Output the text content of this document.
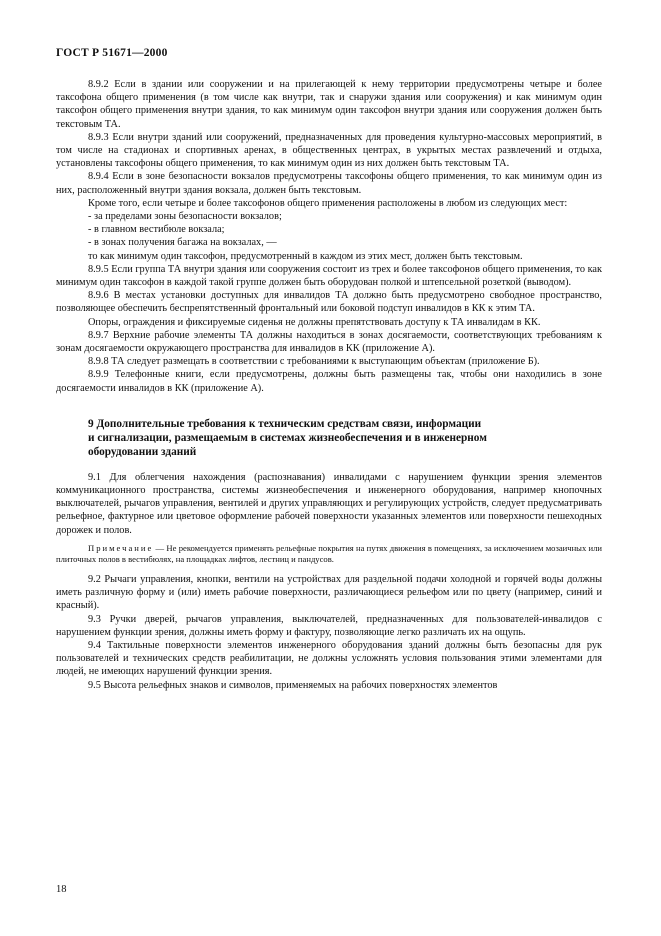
ГОСТ Р 51671—2000

8.9.2 Если в здании или сооружении и на прилегающей к нему территории предусмотрены четыре и более таксофона общего применения (в том числе как внутри, так и снаружи здания или сооружения) и как минимум один таксофон общего применения внутри здания, то как минимум один таксофон внутри здания или сооружения должен быть текстовым ТА.

8.9.3 Если внутри зданий или сооружений, предназначенных для проведения культурно-массовых мероприятий, в том числе на стадионах и спортивных аренах, в общественных центрах, в укрытых местах развлечений и отдыха, установлены таксофоны общего применения, то как минимум один из них должен быть текстовым ТА.

8.9.4 Если в зоне безопасности вокзалов предусмотрены таксофоны общего применения, то как минимум один из них, расположенный внутри здания вокзала, должен быть текстовым.

Кроме того, если четыре и более таксофонов общего применения расположены в любом из следующих мест:

- за пределами зоны безопасности вокзалов;

- в главном вестибюле вокзала;

- в зонах получения багажа на вокзалах, —

то как минимум один таксофон, предусмотренный в каждом из этих мест, должен быть текстовым.

8.9.5 Если группа ТА внутри здания или сооружения состоит из трех и более таксофонов общего применения, то как минимум один таксофон в каждой такой группе должен быть оборудован полкой и штепсельной розеткой (выводом).

8.9.6 В местах установки доступных для инвалидов ТА должно быть предусмотрено свободное пространство, позволяющее обеспечить беспрепятственный фронтальный или боковой подступ инвалидов в КК к этим ТА.

Опоры, ограждения и фиксируемые сиденья не должны препятствовать доступу к ТА инвалидам в КК.

8.9.7 Верхние рабочие элементы ТА должны находиться в зонах досягаемости, соответствующих требованиям к зонам досягаемости окружающего пространства для инвалидов в КК (приложение А).

8.9.8 ТА следует размещать в соответствии с требованиями к выступающим объектам (приложение Б).

8.9.9 Телефонные книги, если предусмотрены, должны быть размещены так, чтобы они находились в зоне досягаемости инвалидов в КК (приложение А).

9 Дополнительные требования к техническим средствам связи, информации
и сигнализации, размещаемым в системах жизнеобеспечения и в инженерном
оборудовании зданий

9.1 Для облегчения нахождения (распознавания) инвалидами с нарушением функции зрения элементов коммуникационного пространства, системы жизнеобеспечения и инженерного оборудования, например кнопочных выключателей, рычагов управления, вентилей и других управляющих и регулирующих устройств, следует предусматривать рельефное, фактурное или цветовое оформление рабочей поверхности указанных элементов или поверхности пешеходных дорожек и полов.

Примечание — Не рекомендуется применять рельефные покрытия на путях движения в помещениях, за исключением мозаичных или плиточных полов в вестибюлях, на площадках лифтов, лестниц и пандусов.

9.2 Рычаги управления, кнопки, вентили на устройствах для раздельной подачи холодной и горячей воды должны иметь различную форму и (или) иметь рабочие поверхности, различающиеся рельефом или по цвету (например, синий и красный).

9.3 Ручки дверей, рычагов управления, выключателей, предназначенных для пользователей-инвалидов с нарушением функции зрения, должны иметь форму и фактуру, позволяющие легко различать их на ощупь.

9.4 Тактильные поверхности элементов инженерного оборудования зданий должны быть безопасны для рук пользователей и технических средств реабилитации, не должны усложнять условия пользования этими элементами для людей, не имеющих нарушений функции зрения.

9.5 Высота рельефных знаков и символов, применяемых на рабочих поверхностях элементов

18
